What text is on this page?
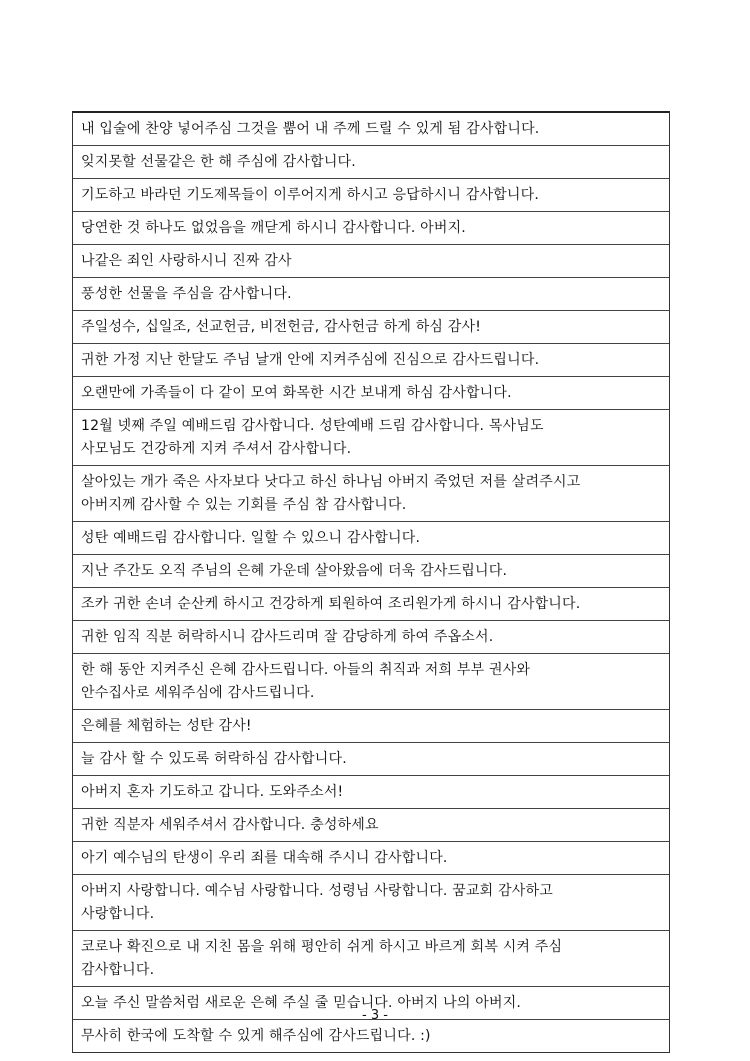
내 입술에 찬양 넣어주심 그것을 뿜어 내 주께 드릴 수 있게 됨 감사합니다.
잊지못할 선물같은 한 해 주심에 감사합니다.
기도하고 바라던 기도제목들이 이루어지게 하시고 응답하시니 감사합니다.
당연한 것 하나도 없었음을 깨닫게 하시니 감사합니다. 아버지.
나같은 죄인 사랑하시니 진짜 감사
풍성한 선물을 주심을 감사합니다.
주일성수, 십일조, 선교헌금, 비전헌금, 감사헌금 하게 하심 감사!
귀한 가정 지난 한달도 주님 날개 안에 지켜주심에 진심으로 감사드립니다.
오랜만에 가족들이 다 같이 모여 화목한 시간 보내게 하심 감사합니다.
12월 넷째 주일 예배드림 감사합니다. 성탄예배 드림 감사합니다. 목사님도
사모님도 건강하게 지켜 주셔서 감사합니다.
살아있는 개가 죽은 사자보다 낫다고 하신 하나님 아버지 죽었던 저를 살려주시고
아버지께 감사할 수 있는 기회를 주심 참 감사합니다.
성탄 예배드림 감사합니다. 일할 수 있으니 감사합니다.
지난 주간도 오직 주님의 은혜 가운데 살아왔음에 더욱 감사드립니다.
조카 귀한 손녀 순산케 하시고 건강하게 퇴원하여 조리원가게 하시니 감사합니다.
귀한 임직 직분 허락하시니 감사드리며 잘 감당하게 하여 주옵소서.
한 해 동안 지켜주신 은혜 감사드립니다. 아들의 취직과 저희 부부 권사와
안수집사로 세워주심에 감사드립니다.
은혜를 체험하는 성탄 감사!
늘 감사 할 수 있도록 허락하심 감사합니다.
아버지 혼자 기도하고 갑니다. 도와주소서!
귀한 직분자 세워주셔서 감사합니다. 충성하세요
아기 예수님의 탄생이 우리 죄를 대속해 주시니 감사합니다.
아버지 사랑합니다. 예수님 사랑합니다. 성령님 사랑합니다. 꿈교회 감사하고
사랑합니다.
코로나 확진으로 내 지친 몸을 위해 평안히 쉬게 하시고 바르게 회복 시켜 주심
감사합니다.
오늘 주신 말씀처럼 새로운 은혜 주실 줄 믿습니다. 아버지 나의 아버지.
무사히 한국에 도착할 수 있게 해주심에 감사드립니다. :)
- 3 -
